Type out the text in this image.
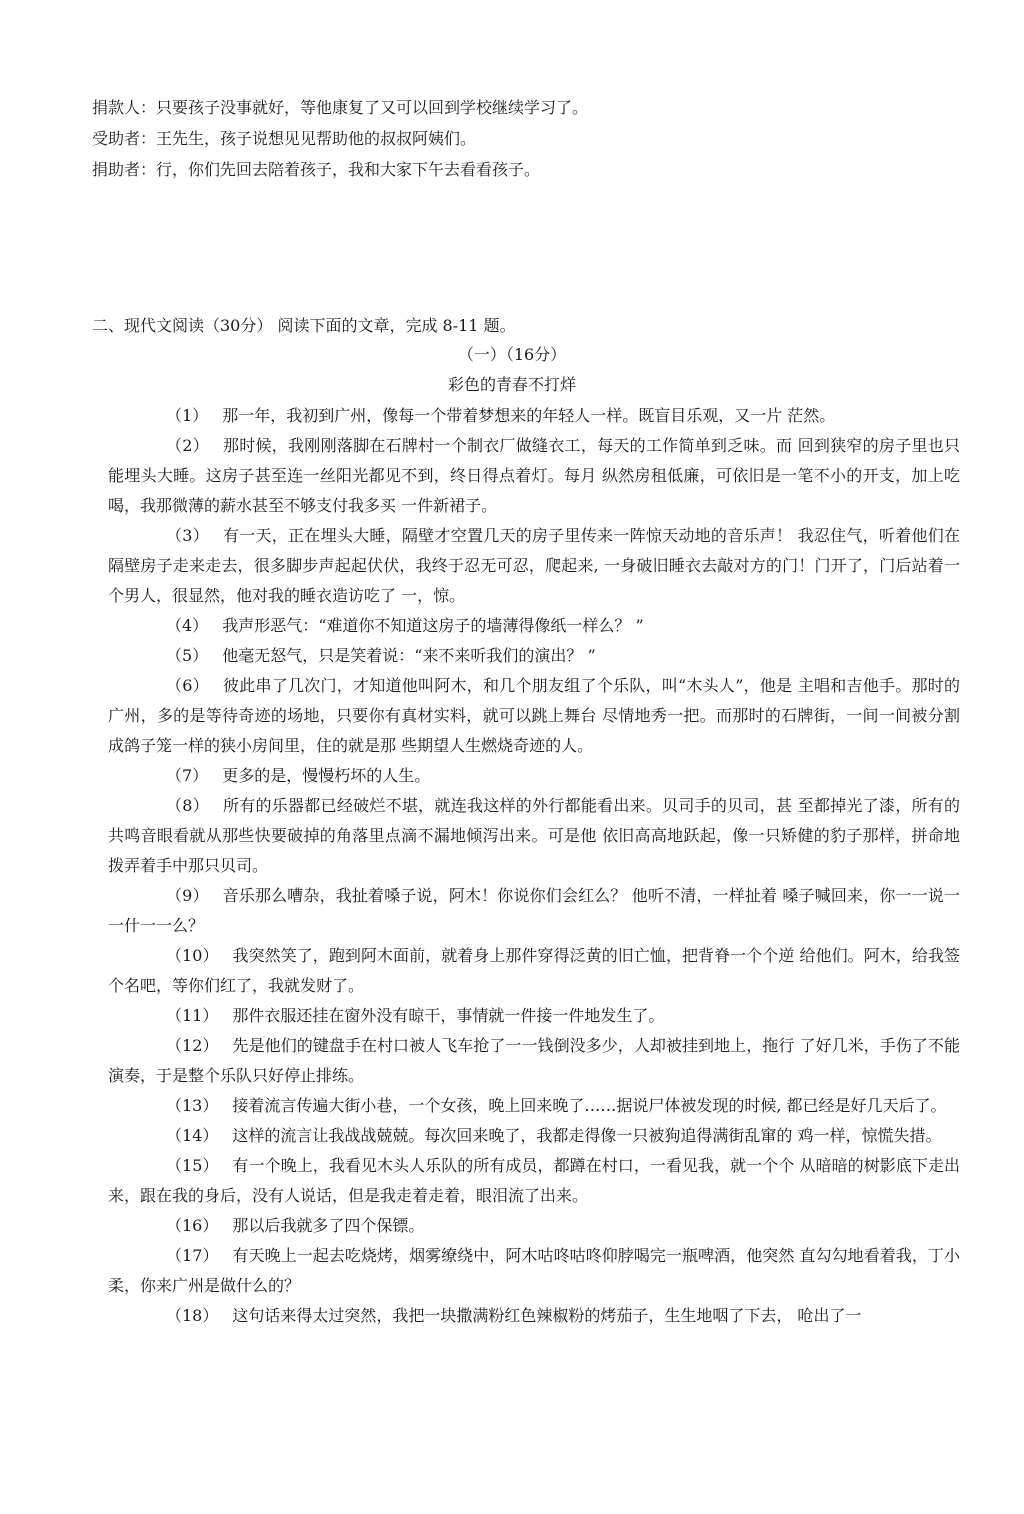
捐款人：只要孩子没事就好，等他康复了又可以回到学校继续学习了。

受助者：王先生，孩子说想见见帮助他的叔叔阿姨们。

捐助者：行，你们先回去陪着孩子，我和大家下午去看看孩子。

二、现代文阅读（30分） 阅读下面的文章，完成 8-11 题。
（一）（16分）
彩色的青春不打烊

（1） 那一年，我初到广州，像每一个带着梦想来的年轻人一样。既盲目乐观，又一片 茫然。

（2） 那时候，我刚刚落脚在石牌村一个制衣厂做缝衣工，每天的工作简单到乏味。而 回到狭窄的房子里也只能埋头大睡。这房子甚至连一丝阳光都见不到，终日得点着灯。每月 纵然房租低廉，可依旧是一笔不小的开支，加上吃喝，我那微薄的薪水甚至不够支付我多买 一件新裙子。

（3） 有一天，正在埋头大睡，隔壁才空置几天的房子里传来一阵惊天动地的音乐声！ 我忍住气，听着他们在隔壁房子走来走去，很多脚步声起起伏伏，我终于忍无可忍，爬起来, 一身破旧睡衣去敲对方的门！门开了，门后站着一个男人，很显然，他对我的睡衣造访吃了 一，惊。

（4） 我声形恶气：“难道你不知道这房子的墙薄得像纸一样么？ ”

（5） 他毫无怒气，只是笑着说：“来不来听我们的演出？ ”

（6） 彼此串了几次门，才知道他叫阿木，和几个朋友组了个乐队，叫“木头人”，他是 主唱和吉他手。那时的广州，多的是等待奇迹的场地，只要你有真材实料，就可以跳上舞台 尽情地秀一把。而那时的石牌街，一间一间被分割成鸽子笼一样的狭小房间里，住的就是那 些期望人生燃烧奇迹的人。

（7） 更多的是，慢慢朽坏的人生。

（8） 所有的乐器都已经破烂不堪，就连我这样的外行都能看出来。贝司手的贝司，甚 至都掉光了漆，所有的共鸣音眼看就从那些快要破掉的角落里点滴不漏地倾泻出来。可是他 依旧高高地跃起，像一只矫健的豹子那样，拼命地拨弄着手中那只贝司。

（9） 音乐那么嘈杂，我扯着嗓子说，阿木！你说你们会红么？ 他听不清，一样扯着 嗓子喊回来，你一一说一一什一一么？

（10） 我突然笑了，跑到阿木面前，就着身上那件穿得泛黄的旧亡恤，把背脊一个个逆 给他们。阿木，给我签个名吧，等你们红了，我就发财了。

（11） 那件衣服还挂在窗外没有晾干，事情就一件接一件地发生了。

（12） 先是他们的键盘手在村口被人飞车抢了一一钱倒没多少，人却被挂到地上，拖行 了好几米，手伤了不能演奏，于是整个乐队只好停止排练。

（13） 接着流言传遍大街小巷，一个女孩，晚上回来晚了……据说尸体被发现的时候, 都已经是好几天后了。

（14） 这样的流言让我战战兢兢。每次回来晚了，我都走得像一只被狗追得满街乱窜的 鸡一样，惊慌失措。

（15） 有一个晚上，我看见木头人乐队的所有成员，都蹲在村口，一看见我，就一个个 从暗暗的树影底下走出来，跟在我的身后，没有人说话，但是我走着走着，眼泪流了出来。

（16） 那以后我就多了四个保镖。

（17） 有天晚上一起去吃烧烤，烟雾缭绕中，阿木咕咚咕咚仰脖喝完一瓶啤酒，他突然 直勾勾地看着我，丁小柔，你来广州是做什么的？

（18） 这句话来得太过突然，我把一块撒满粉红色辣椒粉的烤茄子，生生地咽了下去， 呛出了一
